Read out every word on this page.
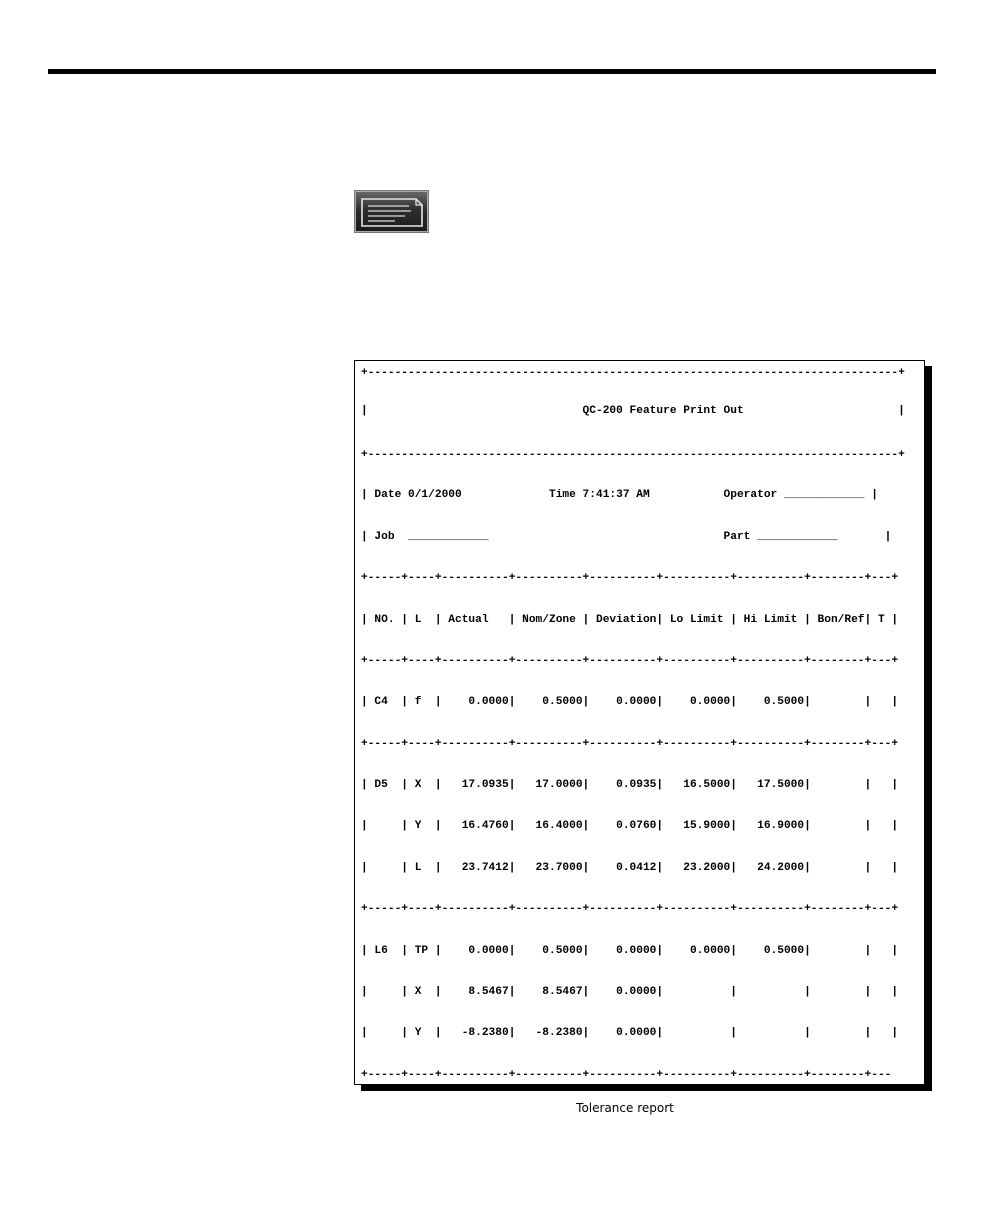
+-------------------------------------------------------------------------------+
|                                QC-200 Feature Print Out                       |
+-------------------------------------------------------------------------------+
| Date 0/1/2000             Time 7:41:37 AM           Operator ____________ |
| Job  ____________                                   Part ____________       |
+-----+----+----------+----------+----------+----------+----------+--------+---+
| NO. | L  | Actual   | Nom/Zone | Deviation| Lo Limit | Hi Limit | Bon/Ref| T |
+-----+----+----------+----------+----------+----------+----------+--------+---+
| C4  | f  |    0.0000|    0.5000|    0.0000|    0.0000|    0.5000|        |   |
+-----+----+----------+----------+----------+----------+----------+--------+---+
| D5  | X  |   17.0935|   17.0000|    0.0935|   16.5000|   17.5000|        |   |
|     | Y  |   16.4760|   16.4000|    0.0760|   15.9000|   16.9000|        |   |
|     | L  |   23.7412|   23.7000|    0.0412|   23.2000|   24.2000|        |   |
+-----+----+----------+----------+----------+----------+----------+--------+---+
| L6  | TP |    0.0000|    0.5000|    0.0000|    0.0000|    0.5000|        |   |
|     | X  |    8.5467|    8.5467|    0.0000|          |          |        |   |
|     | Y  |   -8.2380|   -8.2380|    0.0000|          |          |        |   |
+-----+----+----------+----------+----------+----------+----------+--------+---
Tolerance report
